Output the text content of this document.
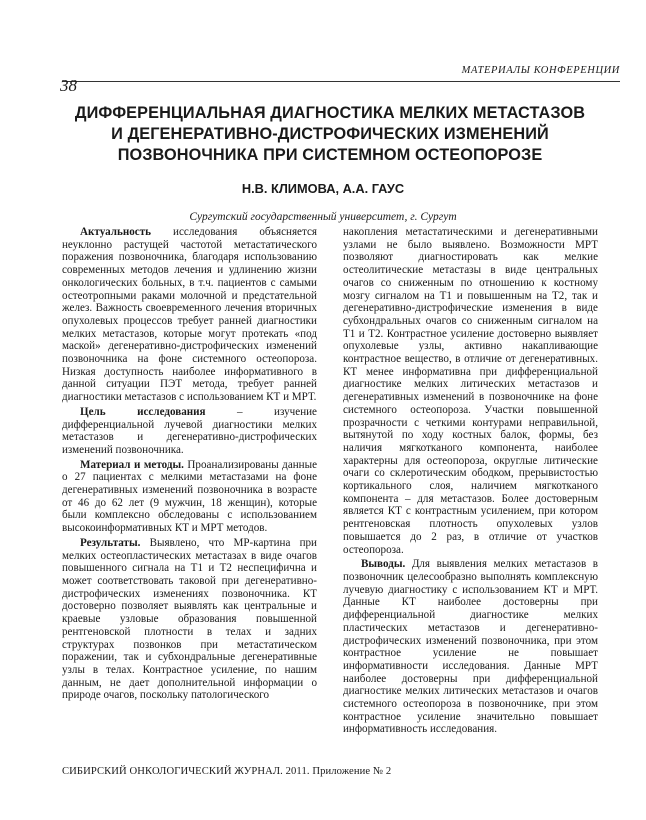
МАТЕРИАЛЫ КОНФЕРЕНЦИИ
38
ДИФФЕРЕНЦИАЛЬНАЯ ДИАГНОСТИКА МЕЛКИХ МЕТАСТАЗОВ
И ДЕГЕНЕРАТИВНО-ДИСТРОФИЧЕСКИХ ИЗМЕНЕНИЙ
ПОЗВОНОЧНИКА ПРИ СИСТЕМНОМ ОСТЕОПОРОЗЕ
Н.В. КЛИМОВА, А.А. ГАУС
Сургутский государственный университет, г. Сургут

Актуальность исследования объясняется неуклонно растущей частотой метастатического поражения позвоночника, благодаря использованию современных методов лечения и удлинению жизни онкологических больных, в т.ч. пациентов с самыми остеотропными раками молочной и предстательной желез. Важность своевременного лечения вторичных опухолевых процессов требует ранней диагностики мелких метастазов, которые могут протекать «под маской» дегенеративно-дистрофических изменений позвоночника на фоне системного остеопороза. Низкая доступность наиболее информативного в данной ситуации ПЭТ метода, требует ранней диагностики метастазов с использованием КТ и МРТ.

Цель исследования – изучение дифференциальной лучевой диагностики мелких метастазов и дегенеративно-дистрофических изменений позвоночника.

Материал и методы. Проанализированы данные о 27 пациентах с мелкими метастазами на фоне дегенеративных изменений позвоночника в возрасте от 46 до 62 лет (9 мужчин, 18 женщин), которые были комплексно обследованы с использованием высокоинформативных КТ и МРТ методов.

Результаты. Выявлено, что МР-картина при мелких остеопластических метастазах в виде очагов повышенного сигнала на Т1 и Т2 неспецифична и может соответствовать таковой при дегенеративно-дистрофических изменениях позвоночника. КТ достоверно позволяет выявлять как центральные и краевые узловые образования повышенной рентгеновской плотности в телах и задних структурах позвонков при метастатическом поражении, так и субхондральные дегенеративные узлы в телах. Контрастное усиление, по нашим данным, не дает дополнительной информации о природе очагов, поскольку патологического

накопления метастатическими и дегенеративными узлами не было выявлено. Возможности МРТ позволяют диагностировать как мелкие остеолитические метастазы в виде центральных очагов со сниженным по отношению к костному мозгу сигналом на Т1 и повышенным на Т2, так и дегенеративно-дистрофические изменения в виде субхондральных очагов со сниженным сигналом на Т1 и Т2. Контрастное усиление достоверно выявляет опухолевые узлы, активно накапливающие контрастное вещество, в отличие от дегенеративных. КТ менее информативна при дифференциальной диагностике мелких литических метастазов и дегенеративных изменений в позвоночнике на фоне системного остеопороза. Участки повышенной прозрачности с четкими контурами неправильной, вытянутой по ходу костных балок, формы, без наличия мягкотканого компонента, наиболее характерны для остеопороза, округлые литические очаги со склеротическим ободком, прерывистостью кортикального слоя, наличием мягкотканого компонента – для метастазов. Более достоверным является КТ с контрастным усилением, при котором рентгеновская плотность опухолевых узлов повышается до 2 раз, в отличие от участков остеопороза.

Выводы. Для выявления мелких метастазов в позвоночник целесообразно выполнять комплексную лучевую диагностику с использованием КТ и МРТ. Данные КТ наиболее достоверны при дифференциальной диагностике мелких пластических метастазов и дегенеративно-дистрофических изменений позвоночника, при этом контрастное усиление не повышает информативности исследования. Данные МРТ наиболее достоверны при дифференциальной диагностике мелких литических метастазов и очагов системного остеопороза в позвоночнике, при этом контрастное усиление значительно повышает информативность исследования.

СИБИРСКИЙ ОНКОЛОГИЧЕСКИЙ ЖУРНАЛ. 2011. Приложение № 2
